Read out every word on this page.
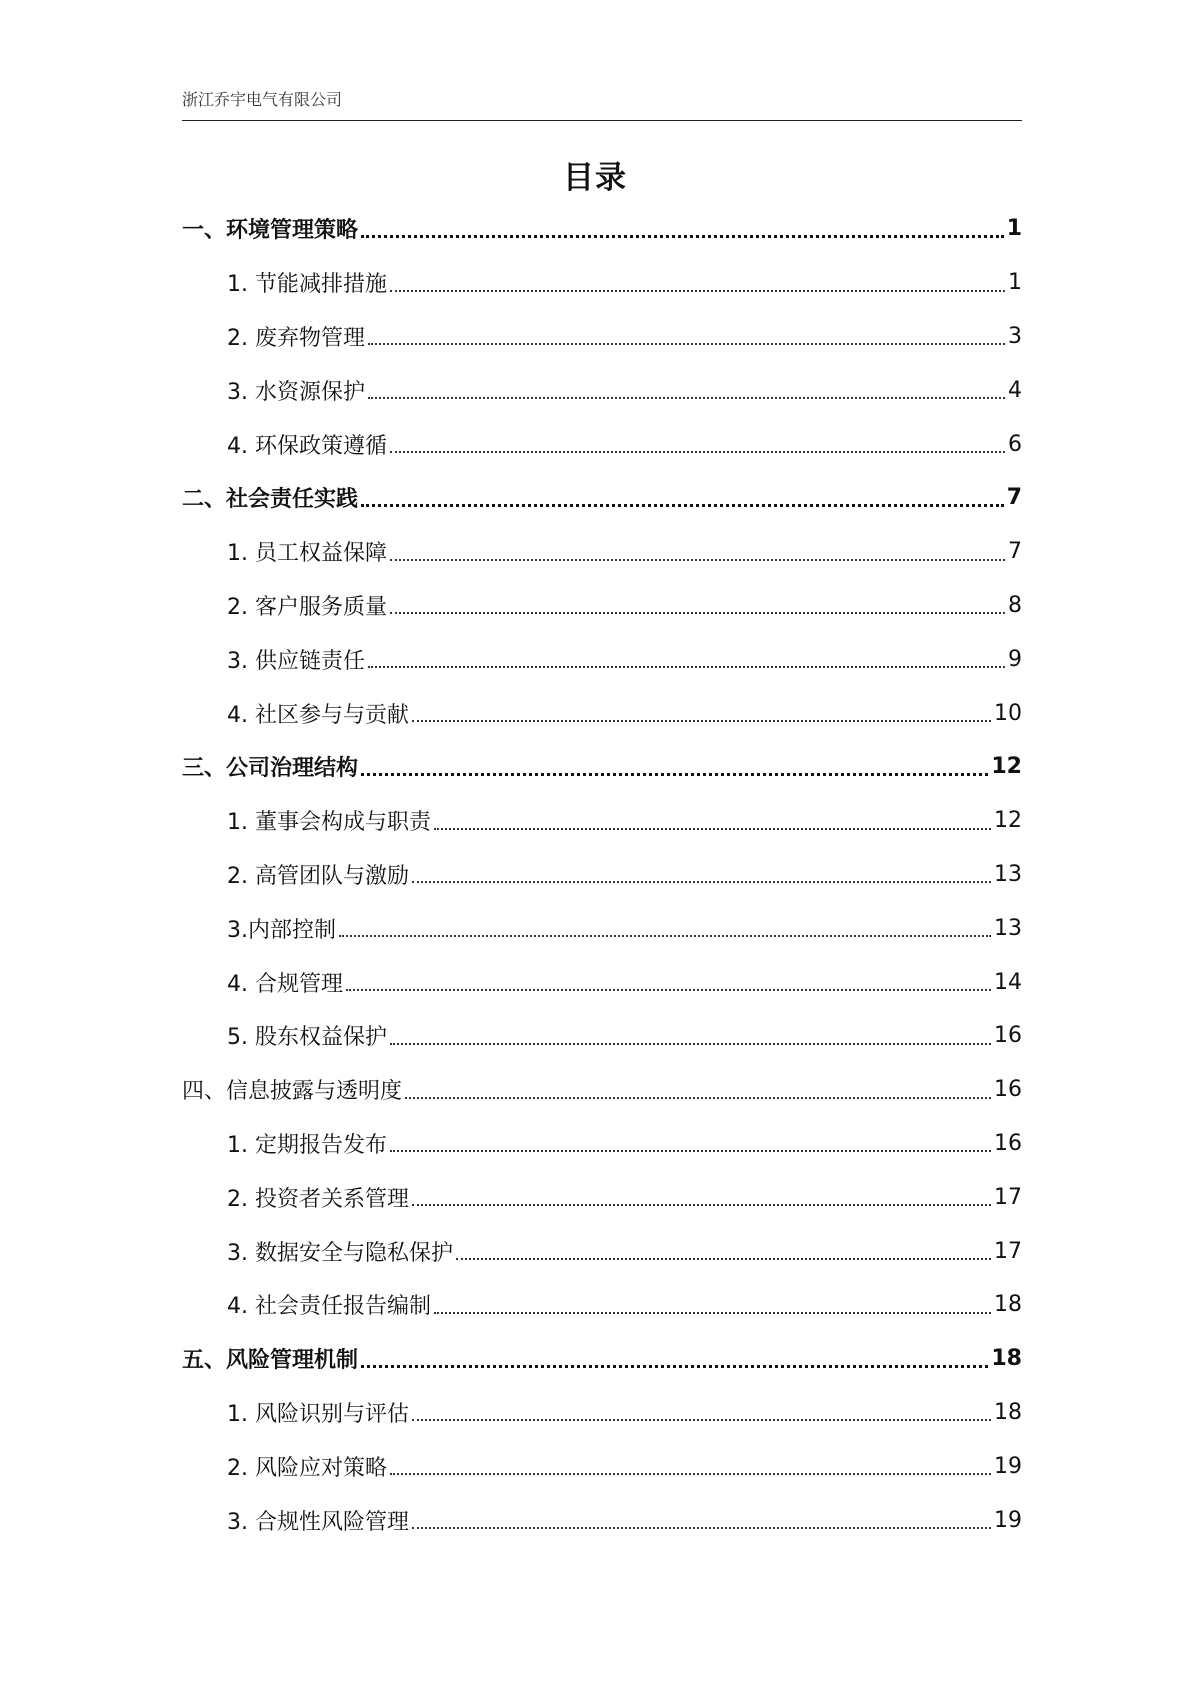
浙江乔宇电气有限公司
目录
一、环境管理策略	1
1. 节能减排措施	1
2. 废弃物管理	3
3. 水资源保护	4
4. 环保政策遵循	6
二、社会责任实践	7
1. 员工权益保障	7
2. 客户服务质量	8
3. 供应链责任	9
4. 社区参与与贡献	10
三、公司治理结构	12
1. 董事会构成与职责	12
2. 高管团队与激励	13
3.内部控制	13
4. 合规管理	14
5. 股东权益保护	16
四、信息披露与透明度	16
1. 定期报告发布	16
2. 投资者关系管理	17
3. 数据安全与隐私保护	17
4. 社会责任报告编制	18
五、风险管理机制	18
1. 风险识别与评估	18
2. 风险应对策略	19
3. 合规性风险管理	19
